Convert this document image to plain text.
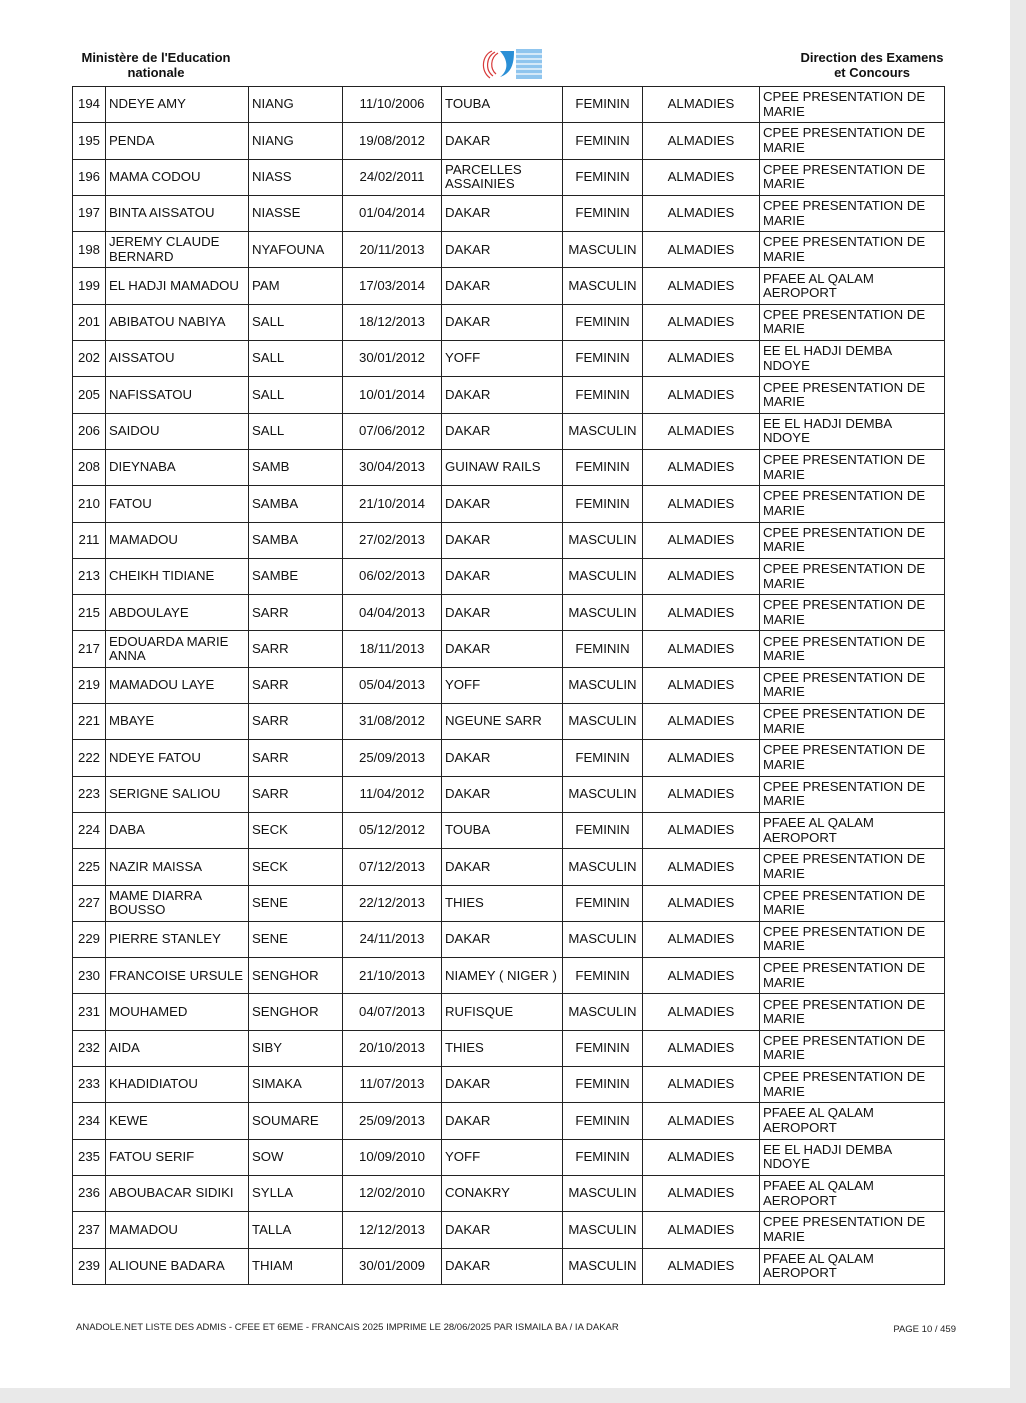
Ministère de l'Education
nationale
Direction des Examens
et Concours
194	NDEYE AMY	NIANG	11/10/2006	TOUBA	FEMININ	ALMADIES	CPEE PRESENTATION DE MARIE
195	PENDA	NIANG	19/08/2012	DAKAR	FEMININ	ALMADIES	CPEE PRESENTATION DE MARIE
196	MAMA CODOU	NIASS	24/02/2011	PARCELLES ASSAINIES	FEMININ	ALMADIES	CPEE PRESENTATION DE MARIE
197	BINTA AISSATOU	NIASSE	01/04/2014	DAKAR	FEMININ	ALMADIES	CPEE PRESENTATION DE MARIE
198	JEREMY CLAUDE BERNARD	NYAFOUNA	20/11/2013	DAKAR	MASCULIN	ALMADIES	CPEE PRESENTATION DE MARIE
199	EL HADJI MAMADOU	PAM	17/03/2014	DAKAR	MASCULIN	ALMADIES	PFAEE AL QALAM AEROPORT
201	ABIBATOU NABIYA	SALL	18/12/2013	DAKAR	FEMININ	ALMADIES	CPEE PRESENTATION DE MARIE
202	AISSATOU	SALL	30/01/2012	YOFF	FEMININ	ALMADIES	EE EL HADJI DEMBA NDOYE
205	NAFISSATOU	SALL	10/01/2014	DAKAR	FEMININ	ALMADIES	CPEE PRESENTATION DE MARIE
206	SAIDOU	SALL	07/06/2012	DAKAR	MASCULIN	ALMADIES	EE EL HADJI DEMBA NDOYE
208	DIEYNABA	SAMB	30/04/2013	GUINAW RAILS	FEMININ	ALMADIES	CPEE PRESENTATION DE MARIE
210	FATOU	SAMBA	21/10/2014	DAKAR	FEMININ	ALMADIES	CPEE PRESENTATION DE MARIE
211	MAMADOU	SAMBA	27/02/2013	DAKAR	MASCULIN	ALMADIES	CPEE PRESENTATION DE MARIE
213	CHEIKH TIDIANE	SAMBE	06/02/2013	DAKAR	MASCULIN	ALMADIES	CPEE PRESENTATION DE MARIE
215	ABDOULAYE	SARR	04/04/2013	DAKAR	MASCULIN	ALMADIES	CPEE PRESENTATION DE MARIE
217	EDOUARDA MARIE ANNA	SARR	18/11/2013	DAKAR	FEMININ	ALMADIES	CPEE PRESENTATION DE MARIE
219	MAMADOU LAYE	SARR	05/04/2013	YOFF	MASCULIN	ALMADIES	CPEE PRESENTATION DE MARIE
221	MBAYE	SARR	31/08/2012	NGEUNE SARR	MASCULIN	ALMADIES	CPEE PRESENTATION DE MARIE
222	NDEYE FATOU	SARR	25/09/2013	DAKAR	FEMININ	ALMADIES	CPEE PRESENTATION DE MARIE
223	SERIGNE SALIOU	SARR	11/04/2012	DAKAR	MASCULIN	ALMADIES	CPEE PRESENTATION DE MARIE
224	DABA	SECK	05/12/2012	TOUBA	FEMININ	ALMADIES	PFAEE AL QALAM AEROPORT
225	NAZIR MAISSA	SECK	07/12/2013	DAKAR	MASCULIN	ALMADIES	CPEE PRESENTATION DE MARIE
227	MAME DIARRA BOUSSO	SENE	22/12/2013	THIES	FEMININ	ALMADIES	CPEE PRESENTATION DE MARIE
229	PIERRE STANLEY	SENE	24/11/2013	DAKAR	MASCULIN	ALMADIES	CPEE PRESENTATION DE MARIE
230	FRANCOISE URSULE	SENGHOR	21/10/2013	NIAMEY ( NIGER )	FEMININ	ALMADIES	CPEE PRESENTATION DE MARIE
231	MOUHAMED	SENGHOR	04/07/2013	RUFISQUE	MASCULIN	ALMADIES	CPEE PRESENTATION DE MARIE
232	AIDA	SIBY	20/10/2013	THIES	FEMININ	ALMADIES	CPEE PRESENTATION DE MARIE
233	KHADIDIATOU	SIMAKA	11/07/2013	DAKAR	FEMININ	ALMADIES	CPEE PRESENTATION DE MARIE
234	KEWE	SOUMARE	25/09/2013	DAKAR	FEMININ	ALMADIES	PFAEE AL QALAM AEROPORT
235	FATOU SERIF	SOW	10/09/2010	YOFF	FEMININ	ALMADIES	EE EL HADJI DEMBA NDOYE
236	ABOUBACAR SIDIKI	SYLLA	12/02/2010	CONAKRY	MASCULIN	ALMADIES	PFAEE AL QALAM AEROPORT
237	MAMADOU	TALLA	12/12/2013	DAKAR	MASCULIN	ALMADIES	CPEE PRESENTATION DE MARIE
239	ALIOUNE BADARA	THIAM	30/01/2009	DAKAR	MASCULIN	ALMADIES	PFAEE AL QALAM AEROPORT
ANADOLE.NET LISTE DES ADMIS - CFEE ET 6EME - FRANCAIS 2025 IMPRIME LE 28/06/2025 PAR ISMAILA BA / IA DAKAR	PAGE 10 / 459
